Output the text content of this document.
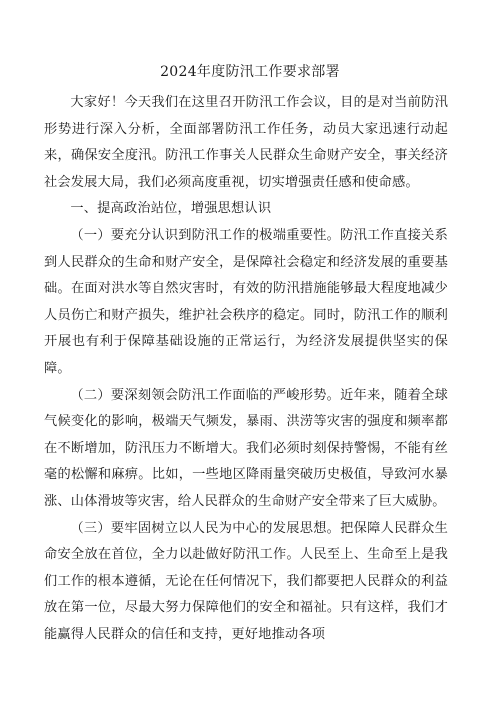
2024年度防汛工作要求部署

大家好！今天我们在这里召开防汛工作会议，目的是对当前防汛形势进行深入分析，全面部署防汛工作任务，动员大家迅速行动起来，确保安全度汛。防汛工作事关人民群众生命财产安全，事关经济社会发展大局，我们必须高度重视，切实增强责任感和使命感。

一、提高政治站位，增强思想认识

（一）要充分认识到防汛工作的极端重要性。防汛工作直接关系到人民群众的生命和财产安全，是保障社会稳定和经济发展的重要基础。在面对洪水等自然灾害时，有效的防汛措施能够最大程度地减少人员伤亡和财产损失，维护社会秩序的稳定。同时，防汛工作的顺利开展也有利于保障基础设施的正常运行，为经济发展提供坚实的保障。

（二）要深刻领会防汛工作面临的严峻形势。近年来，随着全球气候变化的影响，极端天气频发，暴雨、洪涝等灾害的强度和频率都在不断增加，防汛压力不断增大。我们必须时刻保持警惕，不能有丝毫的松懈和麻痹。比如，一些地区降雨量突破历史极值，导致河水暴涨、山体滑坡等灾害，给人民群众的生命财产安全带来了巨大威胁。

（三）要牢固树立以人民为中心的发展思想。把保障人民群众生命安全放在首位，全力以赴做好防汛工作。人民至上、生命至上是我们工作的根本遵循，无论在任何情况下，我们都要把人民群众的利益放在第一位，尽最大努力保障他们的安全和福祉。只有这样，我们才能赢得人民群众的信任和支持，更好地推动各项
